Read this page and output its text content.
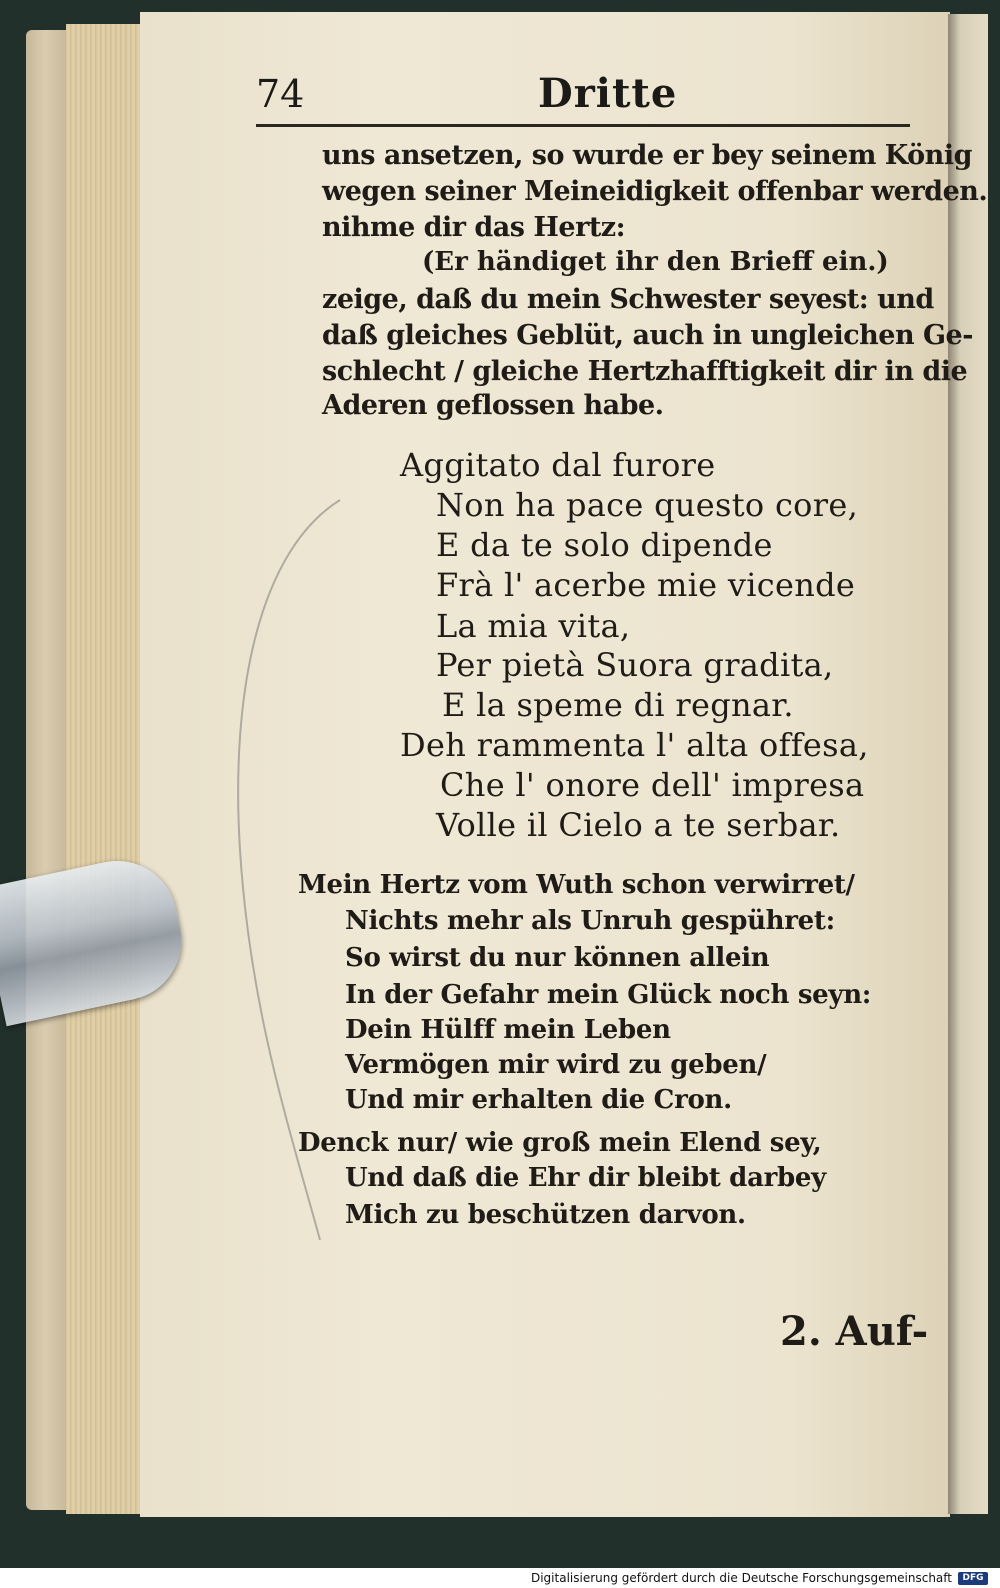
74	Dritte
uns ansetzen, so wurde er bey seinem König
wegen seiner Meineidigkeit offenbar werden.
nihme dir das Hertz:
(Er händiget ihr den Brieff ein.)
zeige, daß du mein Schwester seyest: und
daß gleiches Geblüt, auch in ungleichen Ge-
schlecht / gleiche Hertzhafftigkeit dir in die
Aderen geflossen habe.
Aggitato dal furore
Non ha pace questo core,
E da te solo dipende
Frà l' acerbe mie vicende
La mia vita,
Per pietà Suora gradita,
E la speme di regnar.
Deh rammenta l' alta offesa,
Che l' onore dell' impresa
Volle il Cielo a te serbar.
Mein Hertz vom Wuth schon verwirret/
Nichts mehr als Unruh gespühret:
So wirst du nur können allein
In der Gefahr mein Glück noch seyn:
Dein Hülff mein Leben
Vermögen mir wird zu geben/
Und mir erhalten die Cron.
Denck nur/ wie groß mein Elend sey,
Und daß die Ehr dir bleibt darbey
Mich zu beschützen darvon.
2. Auf-
Digitalisierung gefördert durch die Deutsche Forschungsgemeinschaft	DFG
